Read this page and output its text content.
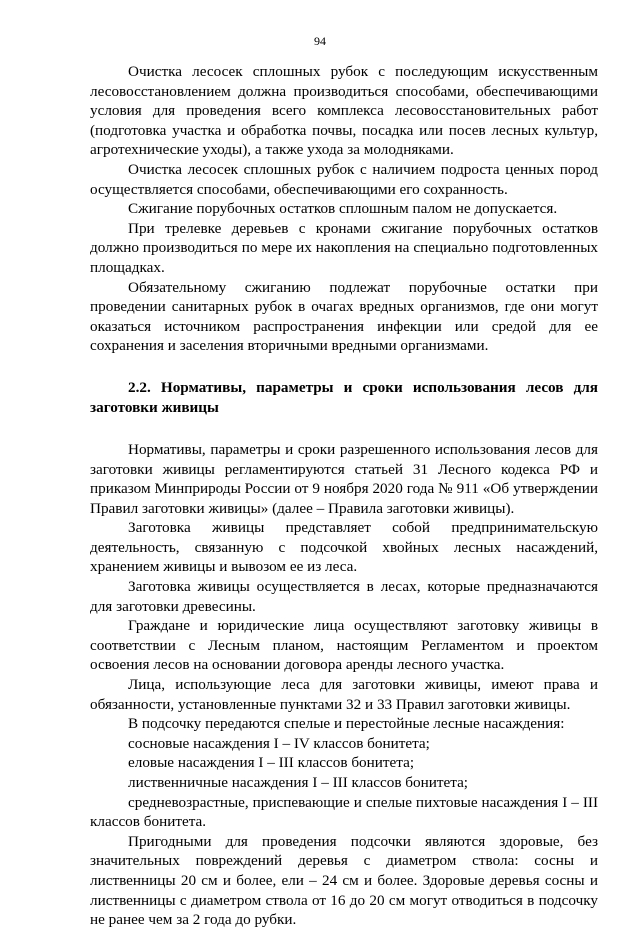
94

Очистка лесосек сплошных рубок с последующим искусственным лесовосстановлением должна производиться способами, обеспечивающими условия для проведения всего комплекса лесовосстановительных работ (подготовка участка и обработка почвы, посадка или посев лесных культур, агротехнические уходы), а также ухода за молодняками.

Очистка лесосек сплошных рубок с наличием подроста ценных пород осуществляется способами, обеспечивающими его сохранность.

Сжигание порубочных остатков сплошным палом не допускается.

При трелевке деревьев с кронами сжигание порубочных остатков должно производиться по мере их накопления на специально подготовленных площадках.

Обязательному сжиганию подлежат порубочные остатки при проведении санитарных рубок в очагах вредных организмов, где они могут оказаться источником распространения инфекции или средой для ее сохранения и заселения вторичными вредными организмами.

2.2. Нормативы, параметры и сроки использования лесов для заготовки живицы

Нормативы, параметры и сроки разрешенного использования лесов для заготовки живицы регламентируются статьей 31 Лесного кодекса РФ и приказом Минприроды России от 9 ноября 2020 года № 911 «Об утверждении Правил заготовки живицы» (далее – Правила заготовки живицы).

Заготовка живицы представляет собой предпринимательскую деятельность, связанную с подсочкой хвойных лесных насаждений, хранением живицы и вывозом ее из леса.

Заготовка живицы осуществляется в лесах, которые предназначаются для заготовки древесины.

Граждане и юридические лица осуществляют заготовку живицы в соответствии с Лесным планом, настоящим Регламентом и проектом освоения лесов на основании договора аренды лесного участка.

Лица, использующие леса для заготовки живицы, имеют права и обязанности, установленные пунктами 32 и 33 Правил заготовки живицы.

В подсочку передаются спелые и перестойные лесные насаждения:

сосновые насаждения I – IV классов бонитета;

еловые насаждения I – III классов бонитета;

лиственничные насаждения I – III классов бонитета;

средневозрастные, приспевающие и спелые пихтовые насаждения I – III классов бонитета.

Пригодными для проведения подсочки являются здоровые, без значительных повреждений деревья с диаметром ствола: сосны и лиственницы 20 см и более, ели – 24 см и более. Здоровые деревья сосны и лиственницы с диаметром ствола от 16 до 20 см могут отводиться в подсочку не ранее чем за 2 года до рубки.
